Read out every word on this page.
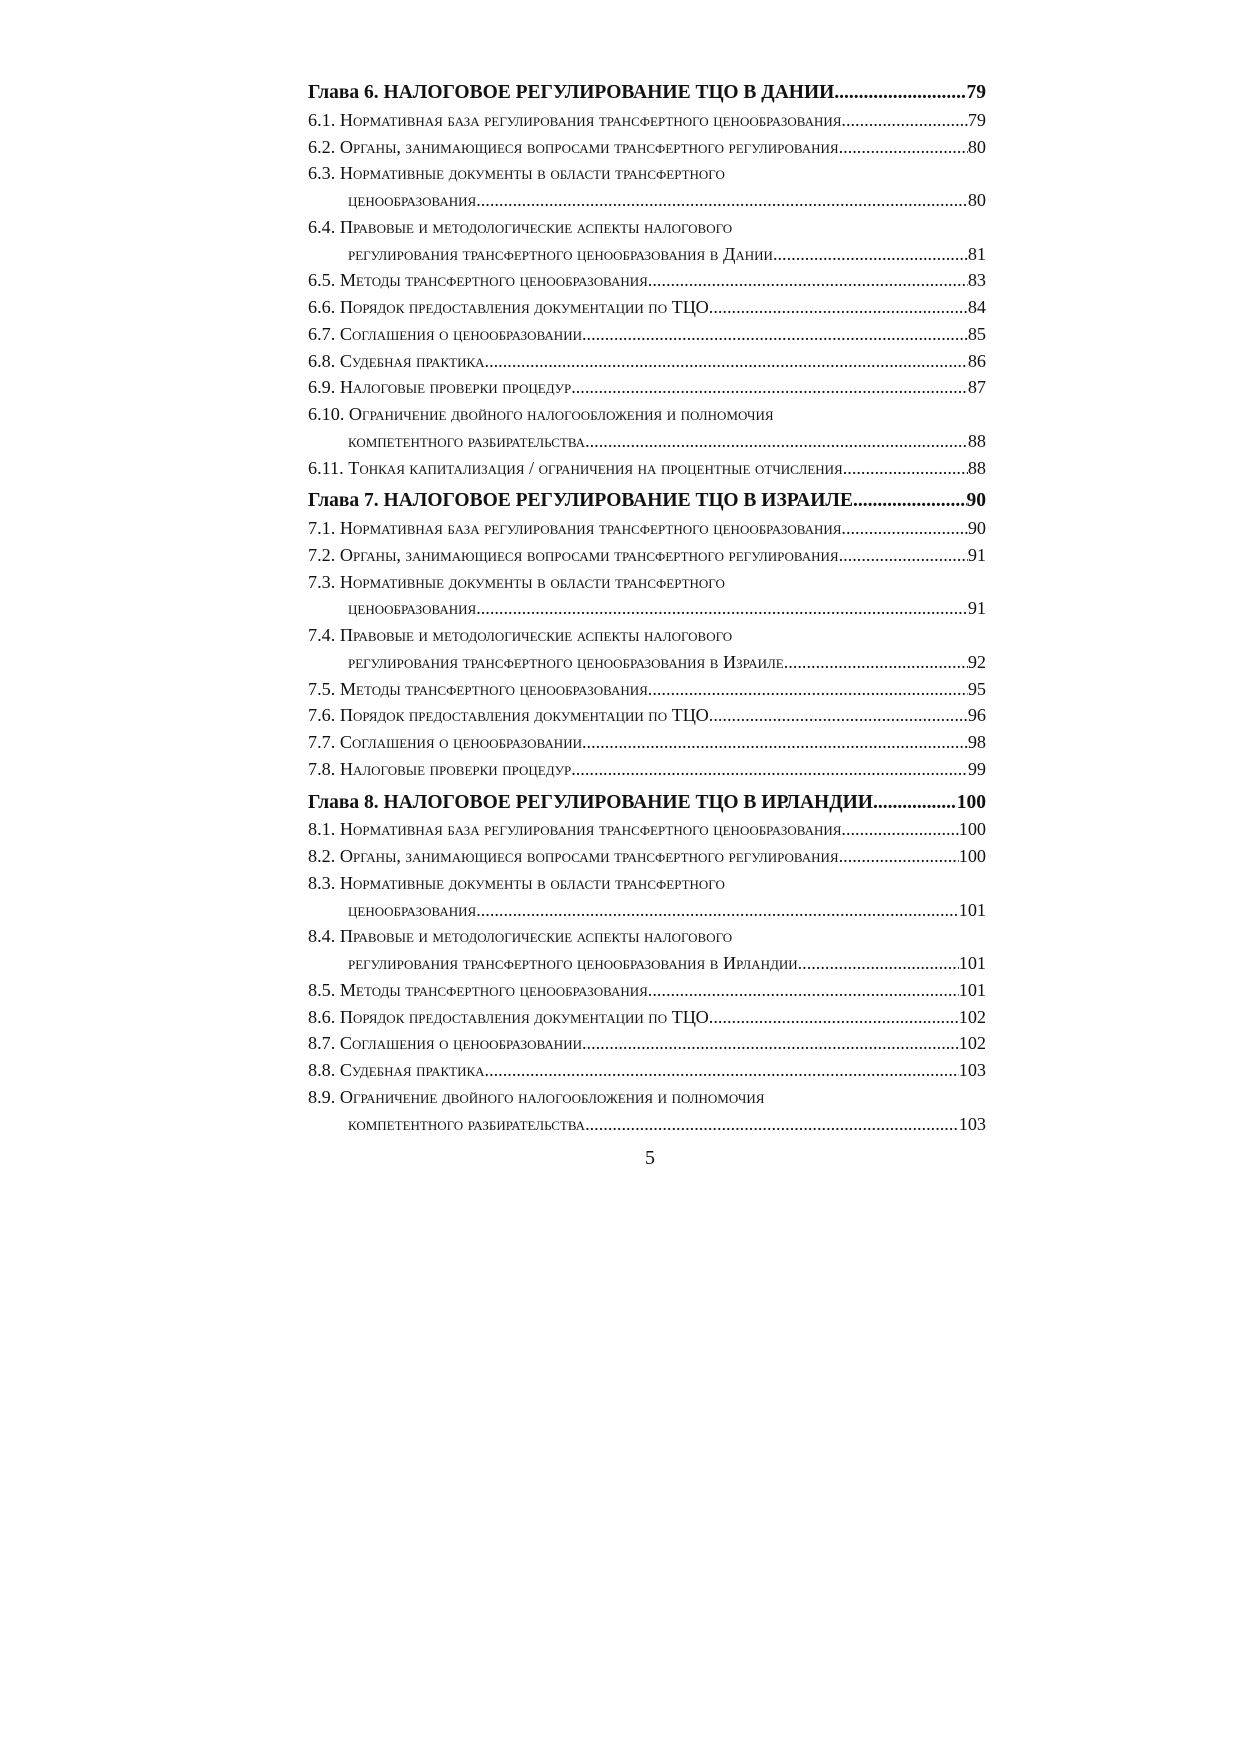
Глава 6. НАЛОГОВОЕ РЕГУЛИРОВАНИЕ ТЦО В ДАНИИ .....	79
6.1. Нормативная база регулирования трансфертного ценообразования .....	79
6.2. Органы, занимающиеся вопросами трансфертного регулирования .....	80
6.3. Нормативные документы в области трансфертного
ценообразования .....	80
6.4. Правовые и методологические аспекты налогового
регулирования трансфертного ценообразования в Дании .....	81
6.5. Методы трансфертного ценообразования .....	83
6.6. Порядок предоставления документации по ТЦО .....	84
6.7. Соглашения о ценообразовании .....	85
6.8. Судебная практика .....	86
6.9. Налоговые проверки процедур .....	87
6.10. Ограничение двойного налогообложения и полномочия
компетентного разбирательства .....	88
6.11. Тонкая капитализация / ограничения на процентные отчисления .....	88
Глава 7. НАЛОГОВОЕ РЕГУЛИРОВАНИЕ ТЦО В ИЗРАИЛЕ .....	90
7.1. Нормативная база регулирования трансфертного ценообразования .....	90
7.2. Органы, занимающиеся вопросами трансфертного регулирования .....	91
7.3. Нормативные документы в области трансфертного
ценообразования .....	91
7.4. Правовые и методологические аспекты налогового
регулирования трансфертного ценообразования в Израиле .....	92
7.5. Методы трансфертного ценообразования .....	95
7.6. Порядок предоставления документации по ТЦО .....	96
7.7. Соглашения о ценообразовании .....	98
7.8. Налоговые проверки процедур .....	99
Глава 8. НАЛОГОВОЕ РЕГУЛИРОВАНИЕ ТЦО В ИРЛАНДИИ .....	100
8.1. Нормативная база регулирования трансфертного ценообразования .....	100
8.2. Органы, занимающиеся вопросами трансфертного регулирования .....	100
8.3. Нормативные документы в области трансфертного
ценообразования .....	101
8.4. Правовые и методологические аспекты налогового
регулирования трансфертного ценообразования в Ирландии .....	101
8.5. Методы трансфертного ценообразования .....	101
8.6. Порядок предоставления документации по ТЦО .....	102
8.7. Соглашения о ценообразовании .....	102
8.8. Судебная практика .....	103
8.9. Ограничение двойного налогообложения и полномочия
компетентного разбирательства .....	103
5
